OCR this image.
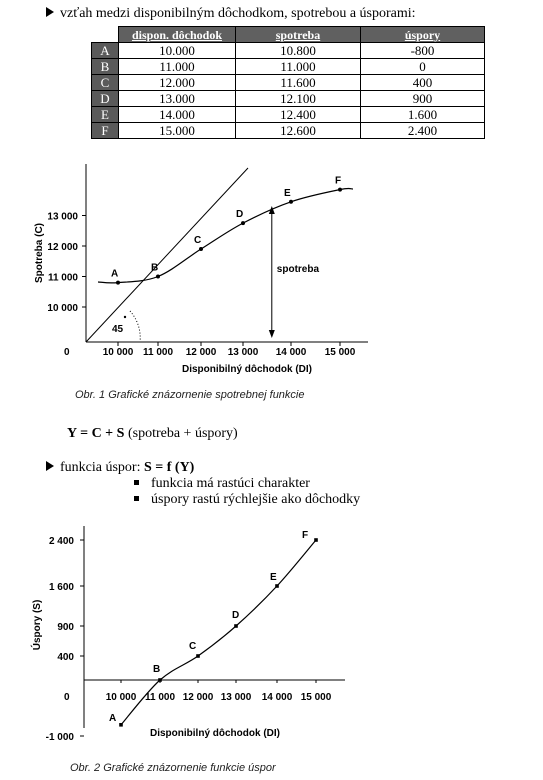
vzťah medzi disponibilným dôchodkom, spotrebou a úsporami:
	dispon. dôchodok	spotreba	úspory
A	10.000	10.800	-800
B	11.000	11.000	0
C	12.000	11.600	400
D	13.000	12.100	900
E	14.000	12.400	1.600
F	15.000	12.600	2.400
0	10 000 11 000 12 000 13 000 14 000 15 000
10 000
11 000
12 000
13 000
Spotreba (C)
Disponibilný dôchodok (DI)
45
A
B
C
D
E
F
spotreba
Obr. 1 Grafické znázornenie spotrebnej funkcie
Y = C + S (spotreba + úspory)
funkcia úspor: S = f (Y)
funkcia má rastúci charakter
úspory rastú rýchlejšie ako dôchodky
0	10 000 11 000 12 000 13 000 14 000 15 000
2 400
1 600
900
400
-1 000
Úspory (S)
Disponibilný dôchodok (DI)
A
B
C
D
E
F
Obr. 2 Grafické znázornenie funkcie úspor
